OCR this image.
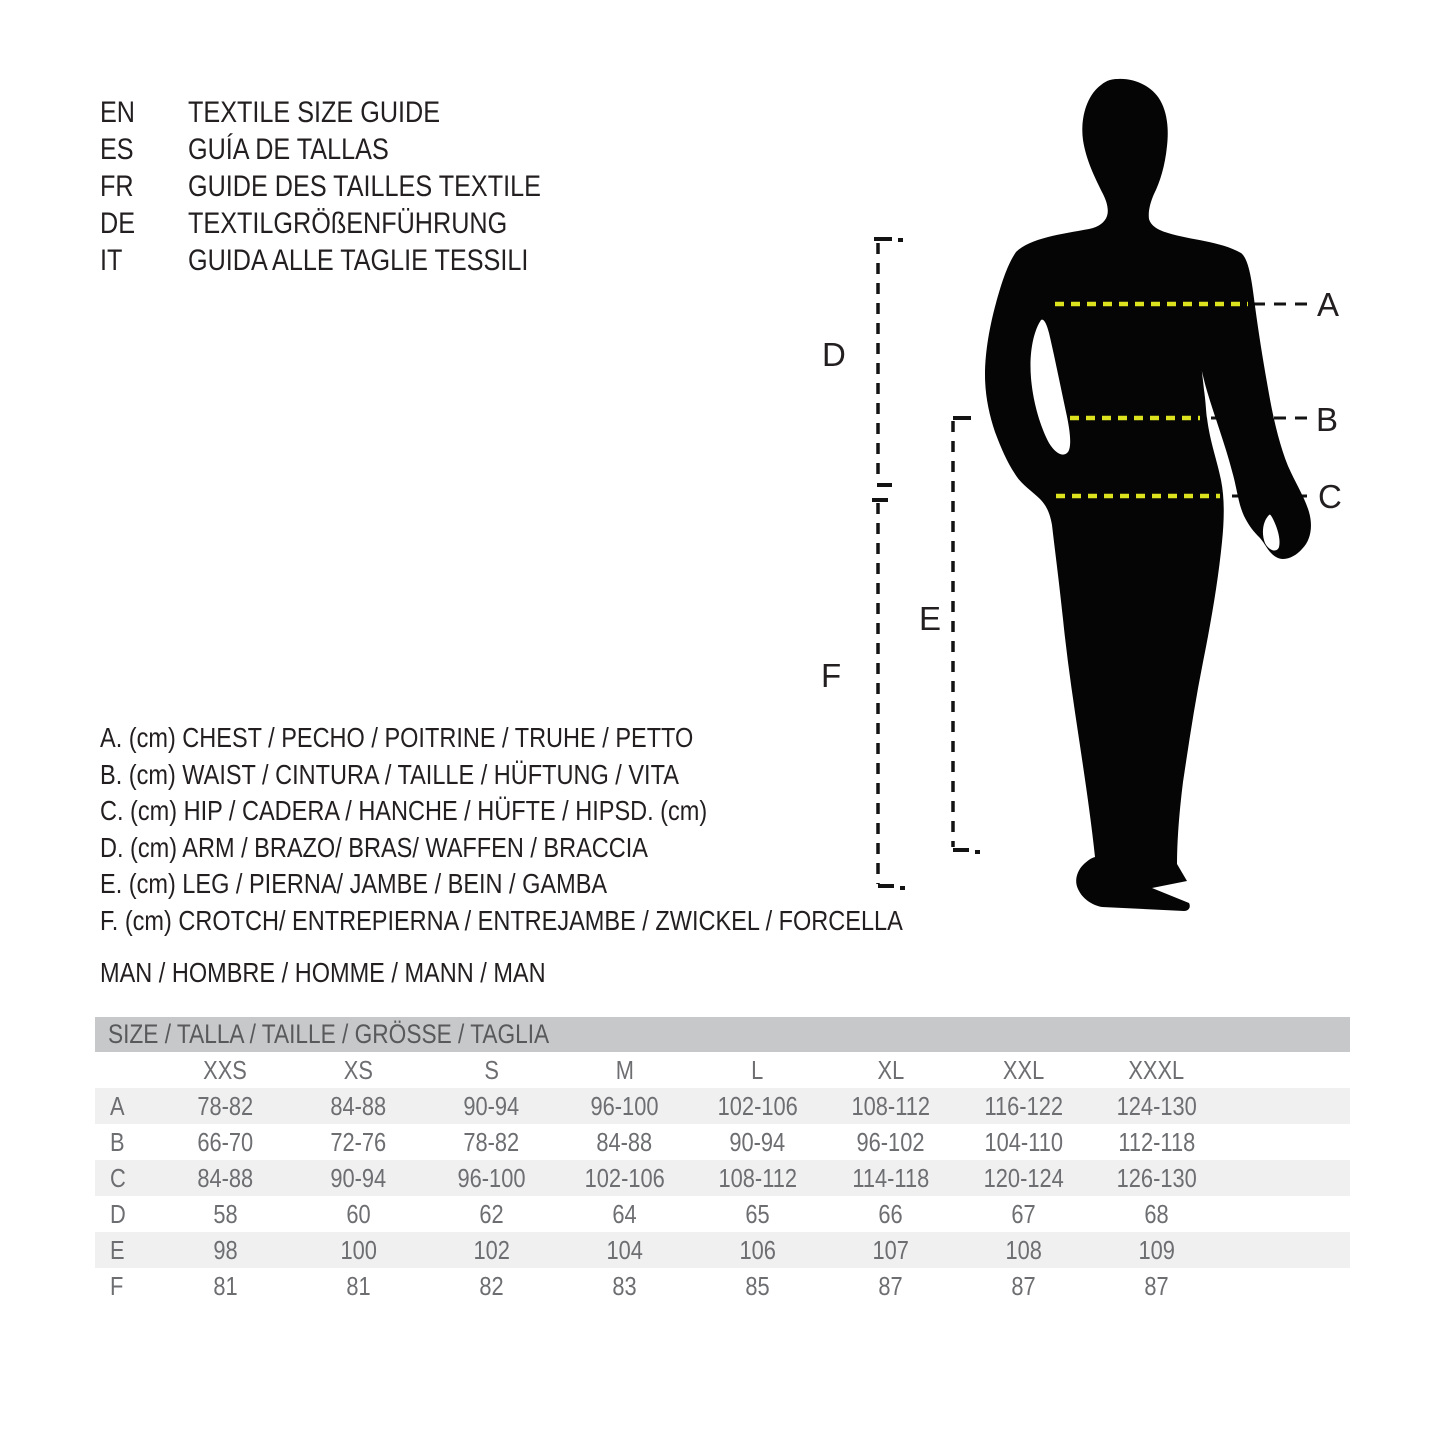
EN	TEXTILE SIZE GUIDE
ES	GUÍA DE TALLAS
FR	GUIDE DES TAILLES TEXTILE
DE	TEXTILGRÖßENFÜHRUNG
IT	GUIDA ALLE TAGLIE TESSILI
A. (cm) CHEST / PECHO / POITRINE / TRUHE / PETTO
B. (cm) WAIST / CINTURA / TAILLE / HÜFTUNG / VITA
C. (cm) HIP / CADERA / HANCHE / HÜFTE / HIPSD. (cm)
D. (cm) ARM / BRAZO/ BRAS/ WAFFEN / BRACCIA
E. (cm) LEG / PIERNA/ JAMBE / BEIN / GAMBA
F. (cm) CROTCH/ ENTREPIERNA / ENTREJAMBE / ZWICKEL / FORCELLA
MAN / HOMBRE / HOMME / MANN / MAN
A
B
C
D
E
F
SIZE / TALLA / TAILLE / GRÖSSE / TAGLIA
XXS	XS	S	M	L	XL	XXL	XXXL
A	78-82	84-88	90-94	96-100	102-106	108-112	116-122	124-130
B	66-70	72-76	78-82	84-88	90-94	96-102	104-110	112-118
C	84-88	90-94	96-100	102-106	108-112	114-118	120-124	126-130
D	58	60	62	64	65	66	67	68
E	98	100	102	104	106	107	108	109
F	81	81	82	83	85	87	87	87
